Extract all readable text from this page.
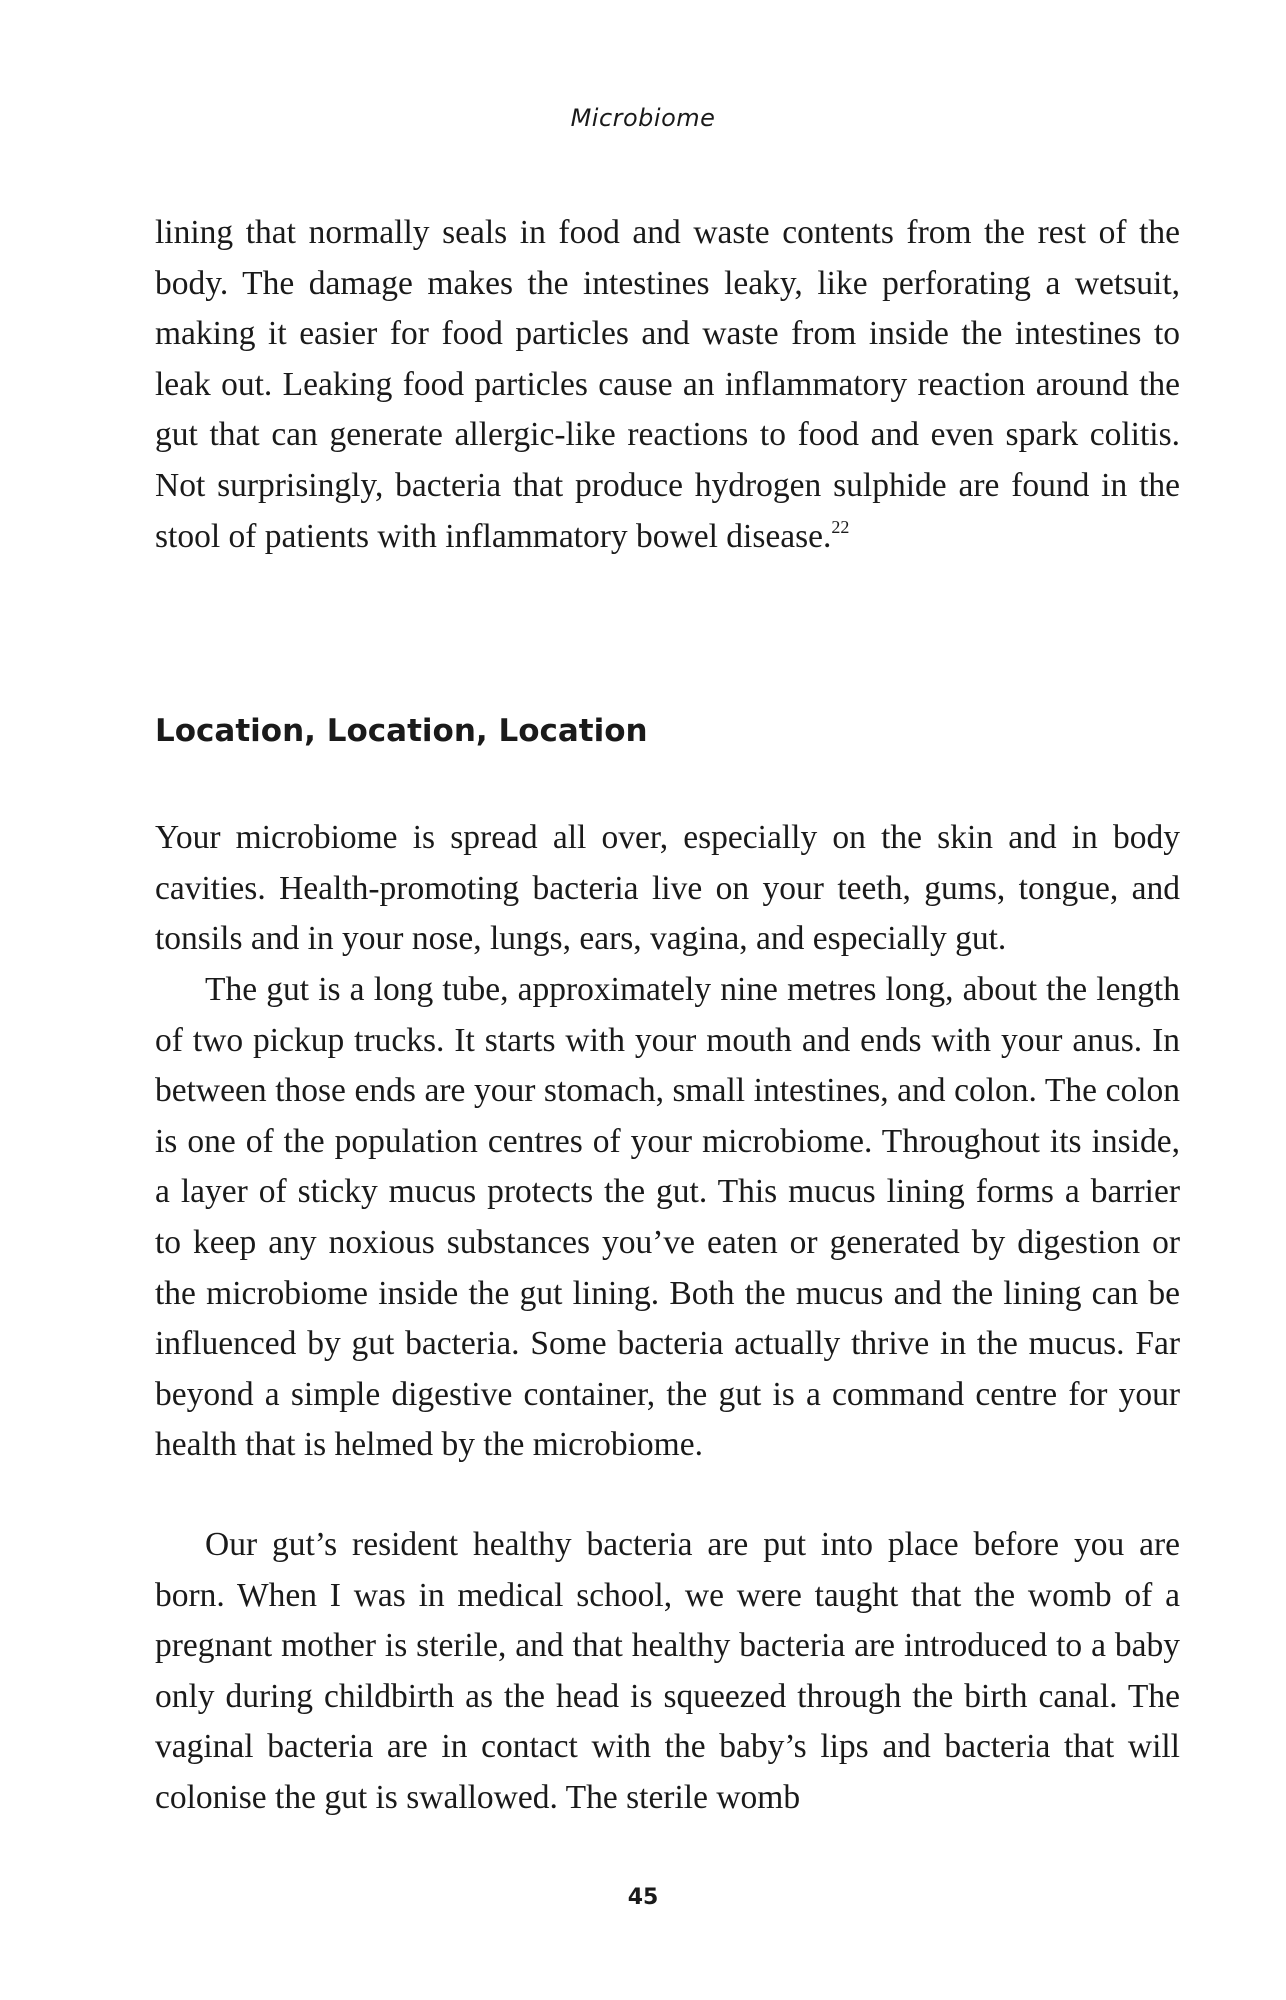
Microbiome

lining that normally seals in food and waste contents from the rest of the body. The damage makes the intestines leaky, like perforating a wetsuit, making it easier for food particles and waste from inside the intestines to leak out. Leaking food particles cause an inflammatory reaction around the gut that can generate allergic-like reactions to food and even spark colitis. Not surprisingly, bacteria that produce hydrogen sulphide are found in the stool of patients with inflammatory bowel disease.$^{22}$

Location, Location, Location

Your microbiome is spread all over, especially on the skin and in body cavities. Health-promoting bacteria live on your teeth, gums, tongue, and tonsils and in your nose, lungs, ears, vagina, and especially gut.

The gut is a long tube, approximately nine metres long, about the length of two pickup trucks. It starts with your mouth and ends with your anus. In between those ends are your stomach, small intestines, and colon. The colon is one of the population centres of your microbiome. Throughout its inside, a layer of sticky mucus protects the gut. This mucus lining forms a barrier to keep any noxious substances you’ve eaten or generated by digestion or the microbiome inside the gut lining. Both the mucus and the lining can be influenced by gut bacteria. Some bacteria actually thrive in the mucus. Far beyond a simple digestive container, the gut is a command centre for your health that is helmed by the microbiome.

Our gut’s resident healthy bacteria are put into place before you are born. When I was in medical school, we were taught that the womb of a pregnant mother is sterile, and that healthy bacteria are introduced to a baby only during childbirth as the head is squeezed through the birth canal. The vaginal bacteria are in contact with the baby’s lips and bacteria that will colonise the gut is swallowed. The sterile womb

45
